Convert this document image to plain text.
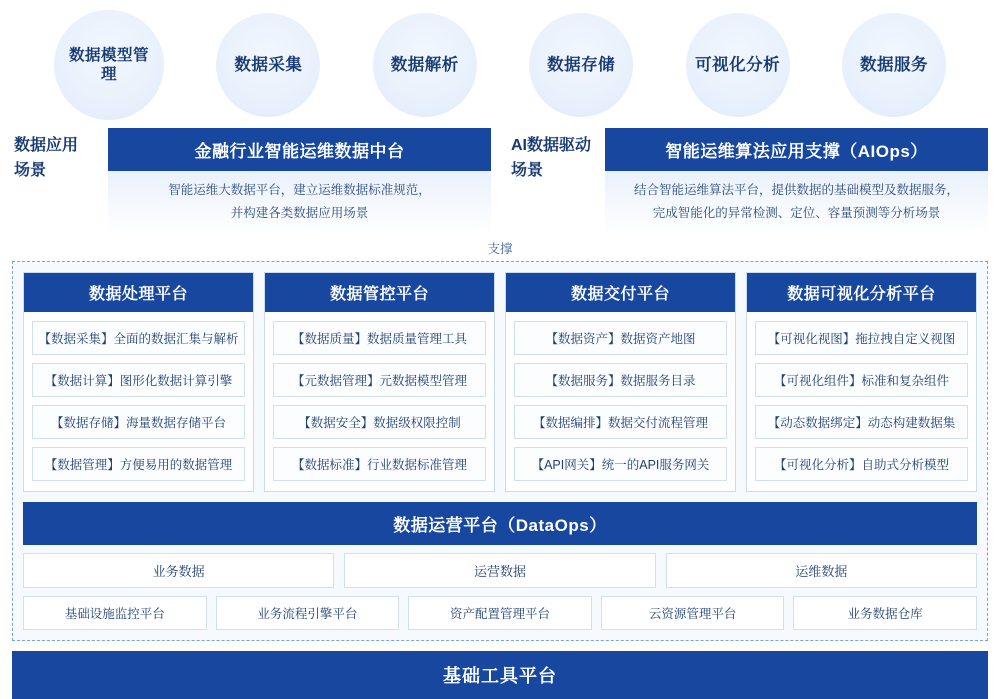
数据模型管理
数据采集	数据解析	数据存储	可视化分析	数据服务
数据应用
场景
金融行业智能运维数据中台
智能运维大数据平台，建立运维数据标准规范，
并构建各类数据应用场景
AI数据驱动
场景
智能运维算法应用支撑（AIOps）
结合智能运维算法平台，提供数据的基础模型及数据服务，
完成智能化的异常检测、定位、容量预测等分析场景
支撑
数据处理平台
【数据采集】全面的数据汇集与解析
【数据计算】图形化数据计算引擎
【数据存储】海量数据存储平台
【数据管理】方便易用的数据管理
数据管控平台
【数据质量】数据质量管理工具
【元数据管理】元数据模型管理
【数据安全】数据级权限控制
【数据标准】行业数据标准管理
数据交付平台
【数据资产】数据资产地图
【数据服务】数据服务目录
【数据编排】数据交付流程管理
【API网关】统一的API服务网关
数据可视化分析平台
【可视化视图】拖拉拽自定义视图
【可视化组件】标准和复杂组件
【动态数据绑定】动态构建数据集
【可视化分析】自助式分析模型
数据运营平台（DataOps）
业务数据	运营数据	运维数据
基础设施监控平台	业务流程引擎平台	资产配置管理平台	云资源管理平台	业务数据仓库
基础工具平台
